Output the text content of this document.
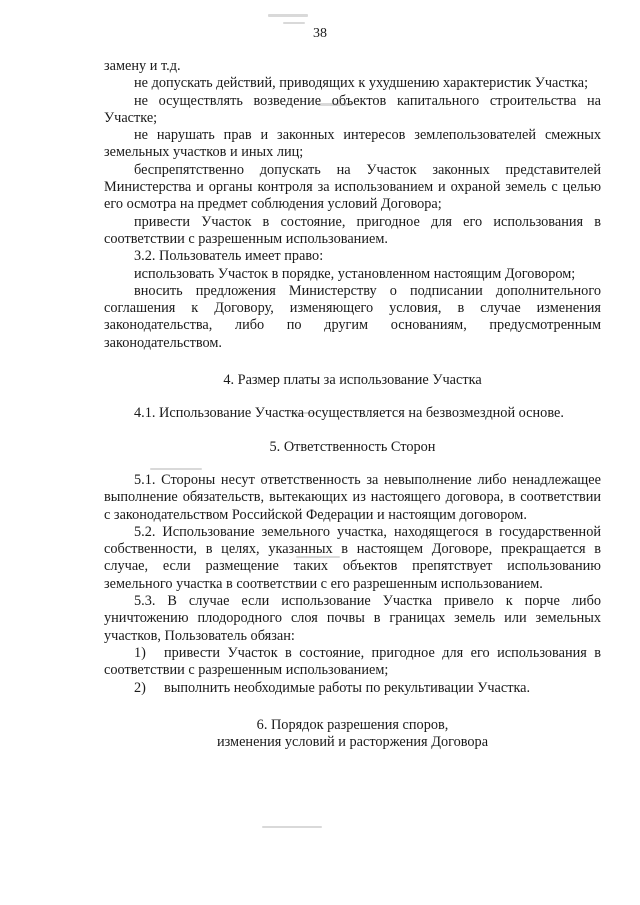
38

замену и т.д.

не допускать действий, приводящих к ухудшению характеристик Участка;

не осуществлять возведение объектов капитального строительства на Участке;

не нарушать прав и законных интересов землепользователей смежных земельных участков и иных лиц;

беспрепятственно допускать на Участок законных представителей Министерства и органы контроля за использованием и охраной земель с целью его осмотра на предмет соблюдения условий Договора;

привести Участок в состояние, пригодное для его использования в соответствии с разрешенным использованием.

3.2. Пользователь имеет право:

использовать Участок в порядке, установленном настоящим Договором;

вносить предложения Министерству о подписании дополнительного соглашения к Договору, изменяющего условия, в случае изменения законодательства, либо по другим основаниям, предусмотренным законодательством.

4. Размер платы за использование Участка

4.1. Использование Участка осуществляется на безвозмездной основе.

5. Ответственность Сторон

5.1. Стороны несут ответственность за невыполнение либо ненадлежащее выполнение обязательств, вытекающих из настоящего договора, в соответствии с законодательством Российской Федерации и настоящим договором.

5.2. Использование земельного участка, находящегося в государственной собственности, в целях, указанных в настоящем Договоре, прекращается в случае, если размещение таких объектов препятствует использованию земельного участка в соответствии с его разрешенным использованием.

5.3. В случае если использование Участка привело к порче либо уничтожению плодородного слоя почвы в границах земель или земельных участков, Пользователь обязан:

1) привести Участок в состояние, пригодное для его использования в соответствии с разрешенным использованием;

2) выполнить необходимые работы по рекультивации Участка.

6. Порядок разрешения споров,

изменения условий и расторжения Договора
